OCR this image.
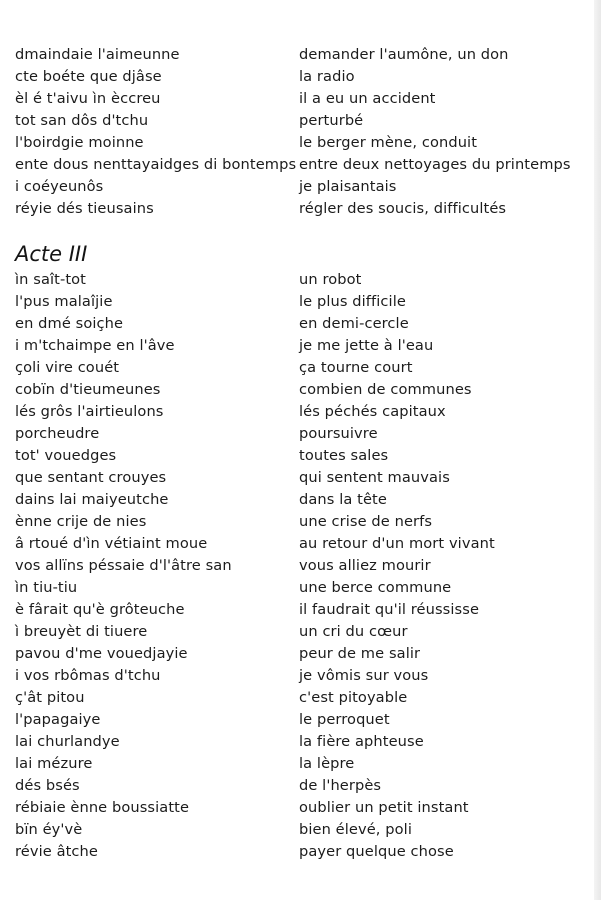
dmaindaie l'aimeunne
cte boéte que djâse
èl é t'aivu ìn èccreu
tot san dôs d'tchu
l'boirdgie moinne
ente dous nenttayaidges di bontemps
i coéyeunôs
réyie dés tieusains
demander l'aumône, un don
la radio
il a eu un accident
perturbé
le berger mène, conduit
entre deux nettoyages du printemps
je plaisantais
régler des soucis, difficultés
Acte III
ìn saît-tot
l'pus malaîjie
en dmé soiçhe
i m'tchaimpe en l'âve
çoli vire couét
cobïn d'tieumeunes
lés grôs l'airtieulons
porcheudre
tot' vouedges
que sentant crouyes
dains lai maiyeutche
ènne crije de nies
â rtoué d'ìn vétiaint moue
vos allïns péssaie d'l'âtre san
ìn tiu-tiu
è fârait qu'è grôteuche
ì breuyèt di tiuere
pavou d'me vouedjayie
i vos rbômas d'tchu
ç'ât pitou
l'papagaiye
lai churlandye
lai mézure
dés bsés
rébiaie ènne boussiatte
bïn éy'vè
révie âtche
un robot
le plus difficile
en demi-cercle
je me jette à l'eau
ça tourne court
combien de communes
lés péchés capitaux
poursuivre
toutes sales
qui sentent mauvais
dans la tête
une crise de nerfs
au retour d'un mort vivant
vous alliez mourir
une berce commune
il faudrait qu'il réussisse
un cri du cœur
peur de me salir
je vômis sur vous
c'est pitoyable
le perroquet
la fière aphteuse
la lèpre
de l'herpès
oublier un petit instant
bien élevé, poli
payer quelque chose
